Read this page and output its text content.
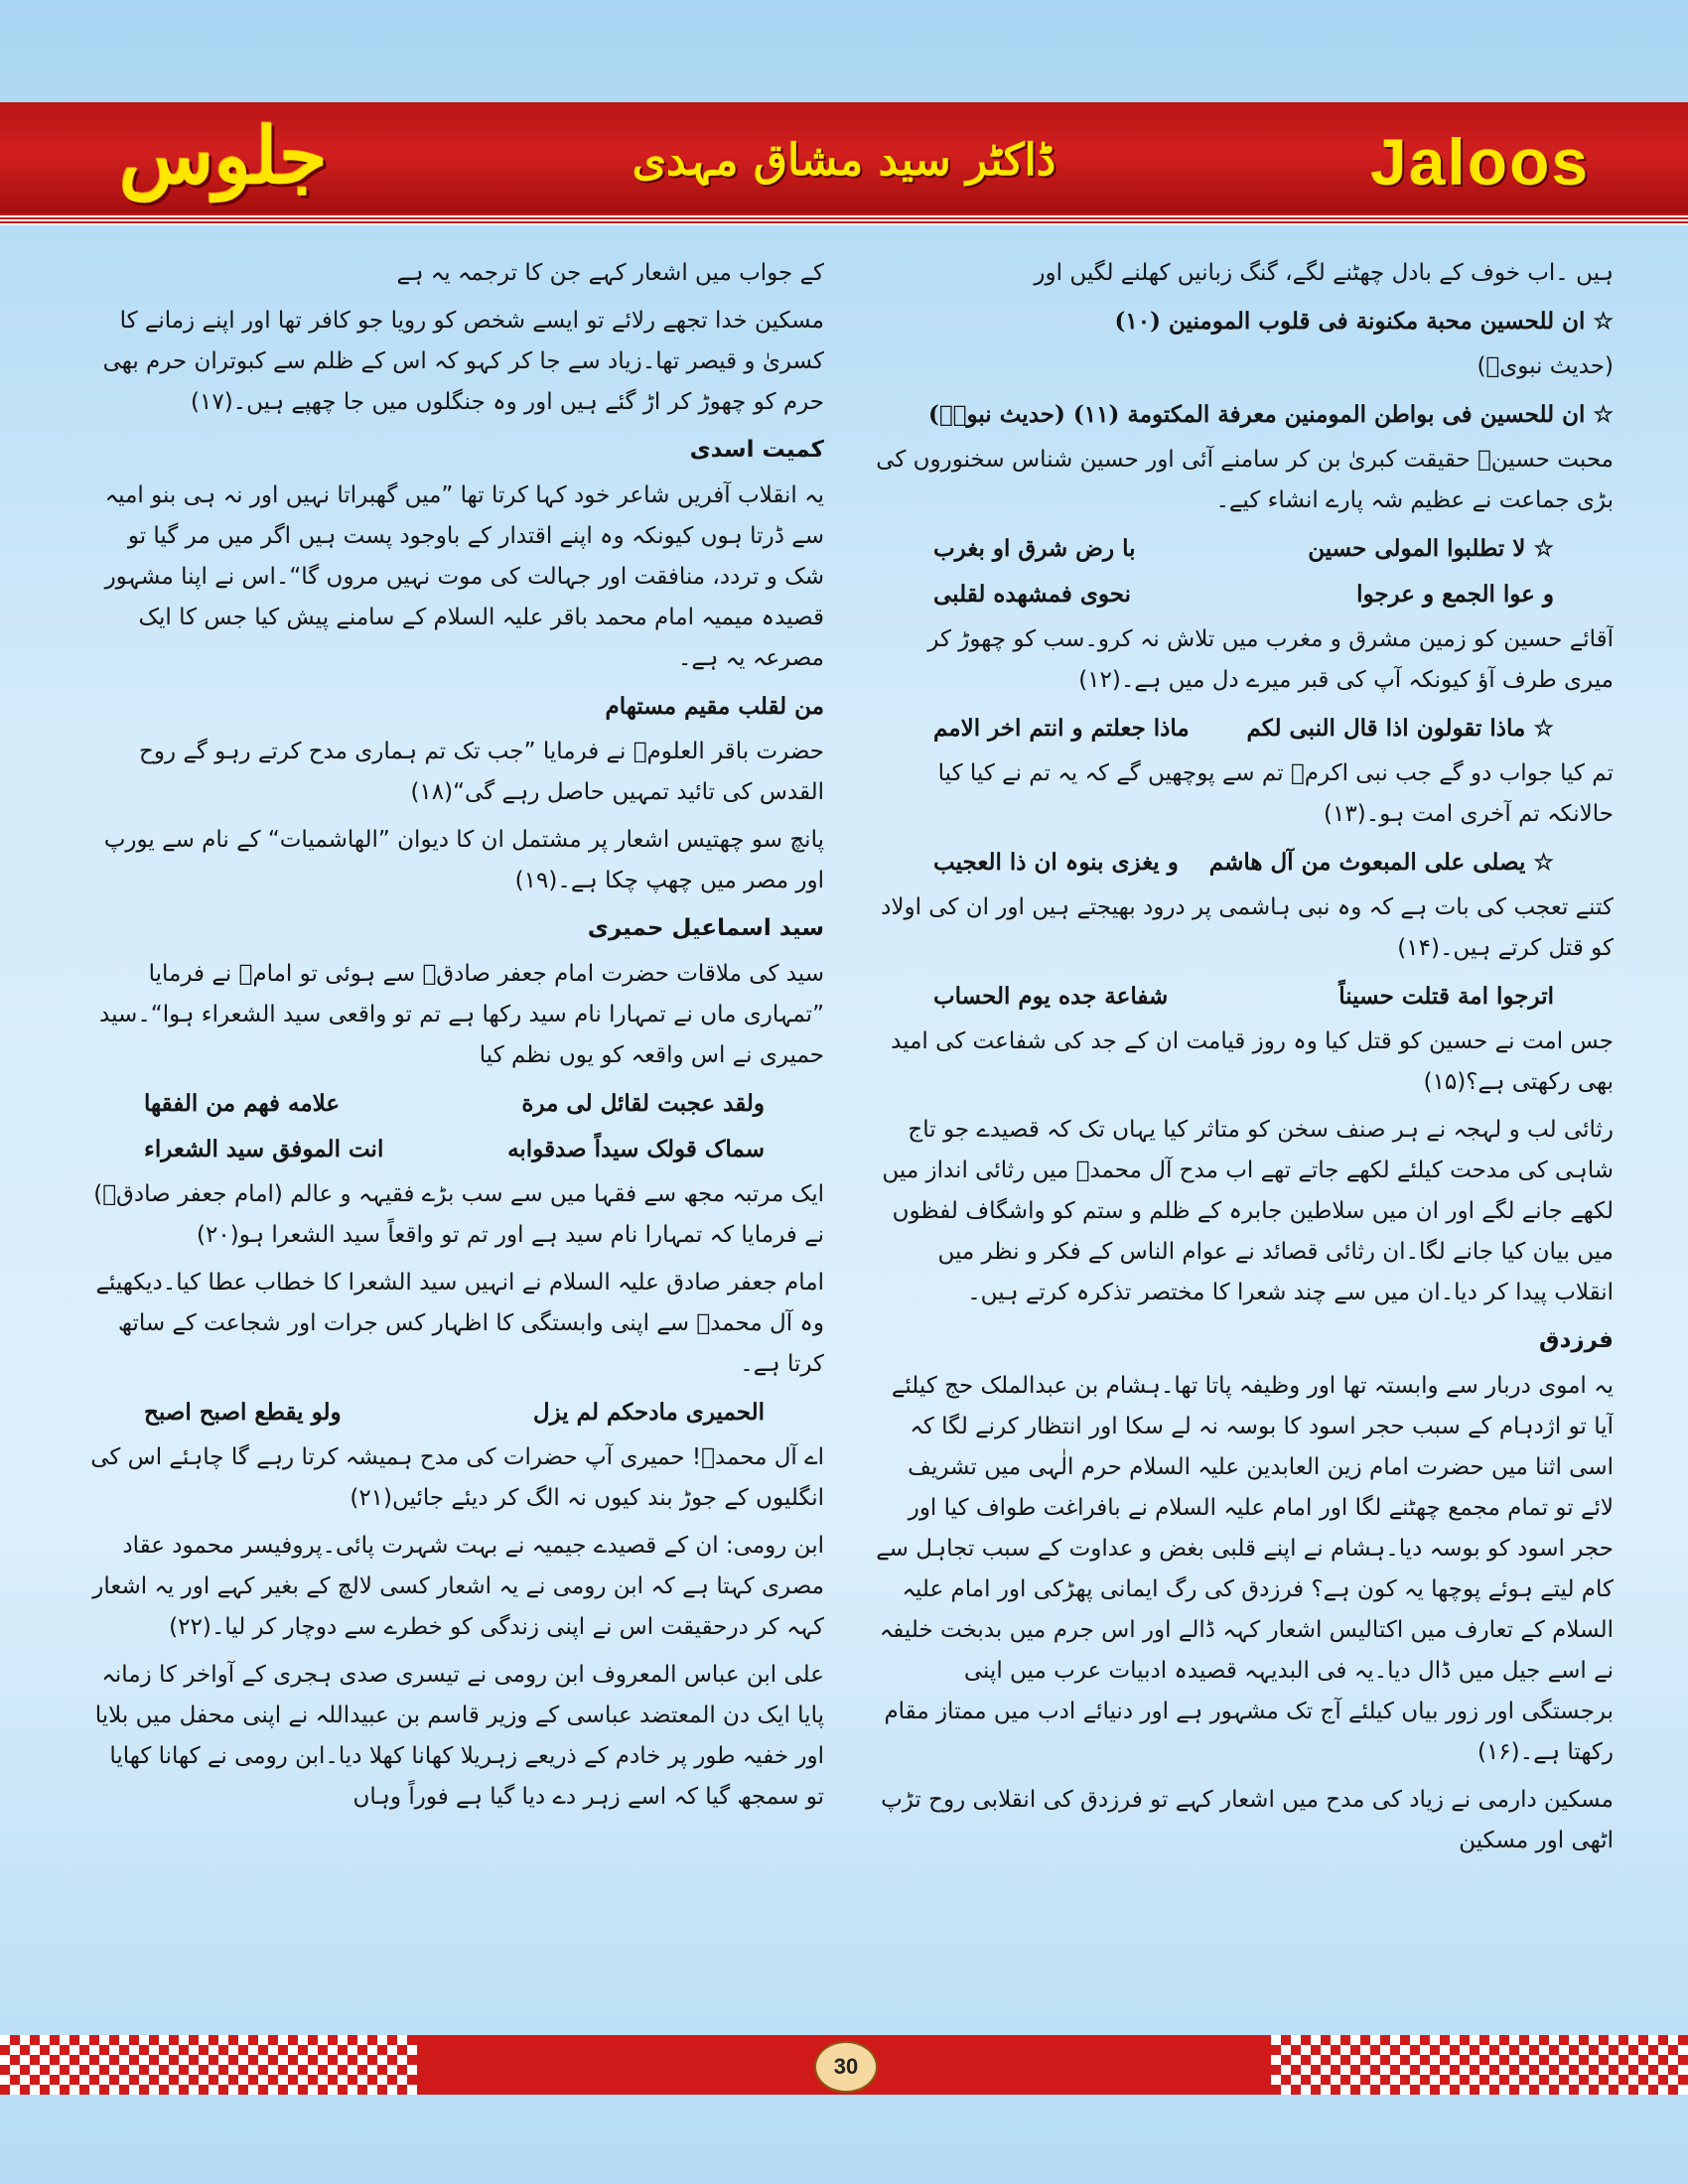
جلوس	ڈاکٹر سید مشاق مہدی	Jaloos

ہیں ۔اب خوف کے بادل چھٹنے لگے، گنگ زبانیں کھلنے لگیں اور

☆ ان للحسین محبة مکنونة فی قلوب المومنین (۱۰)

(حدیث نبویؐ)

☆ ان للحسین فی بواطن المومنین معرفة المکتومة (۱۱) (حدیث نبویؐ)

محبت حسینؑ حقیقت کبریٰ بن کر سامنے آئی اور حسین شناس سخنوروں کی بڑی جماعت نے عظیم شہ پارے انشاء کیے۔

☆ لا تطلبوا المولی حسین
با رض شرق او بغرب
و عوا الجمع و عرجوا
نحوی فمشهده لقلبی

آقائے حسین کو زمین مشرق و مغرب میں تلاش نہ کرو۔سب کو چھوڑ کر میری طرف آؤ کیونکہ آپ کی قبر میرے دل میں ہے۔(۱۲)

☆ ماذا تقولون اذا قال النبی لکم
ماذا جعلتم و انتم اخر الامم

تم کیا جواب دو گے جب نبی اکرمؐ تم سے پوچھیں گے کہ یہ تم نے کیا کیا حالانکہ تم آخری امت ہو۔(۱۳)

☆ یصلی علی المبعوث من آل هاشم
و یغزی بنوہ ان ذا العجیب

کتنے تعجب کی بات ہے کہ وہ نبی ہاشمی پر درود بھیجتے ہیں اور ان کی اولاد کو قتل کرتے ہیں۔(۱۴)

اترجوا امة قتلت حسیناً
شفاعة جده یوم الحساب

جس امت نے حسین کو قتل کیا وہ روز قیامت ان کے جد کی شفاعت کی امید بھی رکھتی ہے؟(۱۵)

رثائی لب و لہجہ نے ہر صنف سخن کو متاثر کیا یہاں تک کہ قصیدے جو تاج شاہی کی مدحت کیلئے لکھے جاتے تھے اب مدح آل محمدؐ میں رثائی انداز میں لکھے جانے لگے اور ان میں سلاطین جابرہ کے ظلم و ستم کو واشگاف لفظوں میں بیان کیا جانے لگا۔ان رثائی قصائد نے عوام الناس کے فکر و نظر میں انقلاب پیدا کر دیا۔ان میں سے چند شعرا کا مختصر تذکرہ کرتے ہیں۔

فرزدق

یہ اموی دربار سے وابستہ تھا اور وظیفہ پاتا تھا۔ہشام بن عبدالملک حج کیلئے آیا تو اژدہام کے سبب حجر اسود کا بوسہ نہ لے سکا اور انتظار کرنے لگا کہ اسی اثنا میں حضرت امام زین العابدین علیہ السلام حرم الٰہی میں تشریف لائے تو تمام مجمع چھٹنے لگا اور امام علیہ السلام نے بافراغت طواف کیا اور حجر اسود کو بوسہ دیا۔ہشام نے اپنے قلبی بغض و عداوت کے سبب تجاہل سے کام لیتے ہوئے پوچھا یہ کون ہے؟ فرزدق کی رگ ایمانی پھڑکی اور امام علیہ السلام کے تعارف میں اکتالیس اشعار کہہ ڈالے اور اس جرم میں بدبخت خلیفہ نے اسے جیل میں ڈال دیا۔یہ فی البدیہہ قصیدہ ادبیات عرب میں اپنی برجستگی اور زور بیاں کیلئے آج تک مشہور ہے اور دنیائے ادب میں ممتاز مقام رکھتا ہے۔(۱۶)

مسکین دارمی نے زیاد کی مدح میں اشعار کہے تو فرزدق کی انقلابی روح تڑپ اٹھی اور مسکین

کے جواب میں اشعار کہے جن کا ترجمہ یہ ہے

مسکین خدا تجھے رلائے تو ایسے شخص کو رویا جو کافر تھا اور اپنے زمانے کا کسریٰ و قیصر تھا۔زیاد سے جا کر کہو کہ اس کے ظلم سے کبوتران حرم بھی حرم کو چھوڑ کر اڑ گئے ہیں اور وہ جنگلوں میں جا چھپے ہیں۔(۱۷)

کمیت اسدی

یہ انقلاب آفریں شاعر خود کہا کرتا تھا ”میں گھبراتا نہیں اور نہ ہی بنو امیہ سے ڈرتا ہوں کیونکہ وہ اپنے اقتدار کے باوجود پست ہیں اگر میں مر گیا تو شک و تردد، منافقت اور جہالت کی موت نہیں مروں گا“۔اس نے اپنا مشہور قصیدہ میمیہ امام محمد باقر علیہ السلام کے سامنے پیش کیا جس کا ایک مصرعہ یہ ہے۔

من لقلب مقیم مستهام

حضرت باقر العلومؑ نے فرمایا ”جب تک تم ہماری مدح کرتے رہو گے روح القدس کی تائید تمہیں حاصل رہے گی“(۱۸)

پانچ سو چھتیس اشعار پر مشتمل ان کا دیوان ”الهاشمیات“ کے نام سے یورپ اور مصر میں چھپ چکا ہے۔(۱۹)

سید اسماعیل حمیری

سید کی ملاقات حضرت امام جعفر صادقؑ سے ہوئی تو امامؑ نے فرمایا ”تمہاری ماں نے تمہارا نام سید رکھا ہے تم تو واقعی سید الشعراء ہوا“۔سید حمیری نے اس واقعہ کو یوں نظم کیا

ولقد عجبت لقائل لی مرة
علامه فهم من الفقها
سماک قولک سیداً صدقوابه
انت الموفق سید الشعراء

ایک مرتبہ مجھ سے فقہا میں سے سب بڑے فقیہہ و عالم (امام جعفر صادقؑ) نے فرمایا کہ تمہارا نام سید ہے اور تم تو واقعاً سید الشعرا ہو(۲۰)

امام جعفر صادق علیہ السلام نے انہیں سید الشعرا کا خطاب عطا کیا۔دیکھیئے وہ آل محمدؐ سے اپنی وابستگی کا اظہار کس جرات اور شجاعت کے ساتھ کرتا ہے۔

الحمیری مادحکم لم یزل
ولو یقطع اصبح اصبح

اے آل محمدؐ! حمیری آپ حضرات کی مدح ہمیشہ کرتا رہے گا چاہئے اس کی انگلیوں کے جوڑ بند کیوں نہ الگ کر دیئے جائیں(۲۱)

ابن رومی: ان کے قصیدے جیمیہ نے بہت شہرت پائی۔پروفیسر محمود عقاد مصری کہتا ہے کہ ابن رومی نے یہ اشعار کسی لالچ کے بغیر کہے اور یہ اشعار کہہ کر درحقیقت اس نے اپنی زندگی کو خطرے سے دوچار کر لیا۔(۲۲)

علی ابن عباس المعروف ابن رومی نے تیسری صدی ہجری کے آواخر کا زمانہ پایا ایک دن المعتضد عباسی کے وزیر قاسم بن عبیداللہ نے اپنی محفل میں بلایا اور خفیہ طور پر خادم کے ذریعے زہریلا کھانا کھلا دیا۔ابن رومی نے کھانا کھایا تو سمجھ گیا کہ اسے زہر دے دیا گیا ہے فوراً وہاں

30
